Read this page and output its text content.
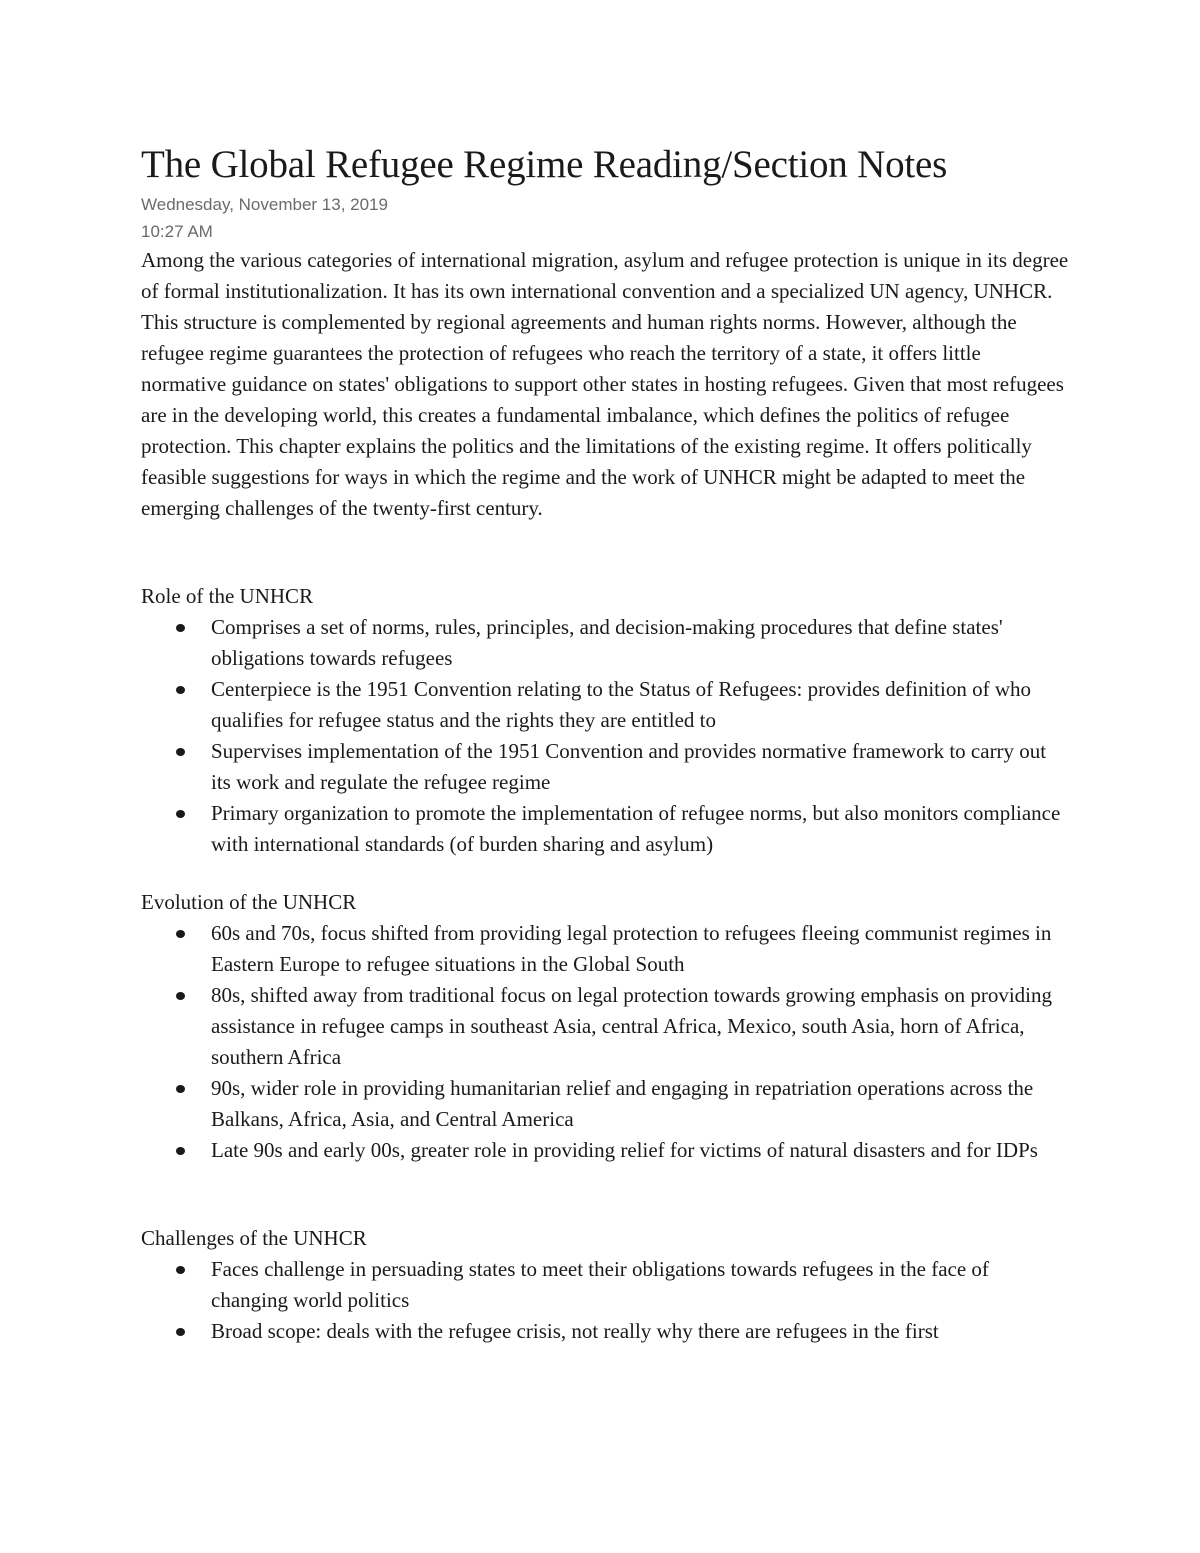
The Global Refugee Regime Reading/Section Notes

Wednesday, November 13, 2019

10:27 AM

Among the various categories of international migration, asylum and refugee protection is unique in its degree of formal institutionalization. It has its own international convention and a specialized UN agency, UNHCR. This structure is complemented by regional agreements and human rights norms. However, although the refugee regime guarantees the protection of refugees who reach the territory of a state, it offers little normative guidance on states' obligations to support other states in hosting refugees. Given that most refugees are in the developing world, this creates a fundamental imbalance, which defines the politics of refugee protection. This chapter explains the politics and the limitations of the existing regime. It offers politically feasible suggestions for ways in which the regime and the work of UNHCR might be adapted to meet the emerging challenges of the twenty-first century.

Role of the UNHCR

Comprises a set of norms, rules, principles, and decision-making procedures that define states' obligations towards refugees
Centerpiece is the 1951 Convention relating to the Status of Refugees: provides definition of who qualifies for refugee status and the rights they are entitled to
Supervises implementation of the 1951 Convention and provides normative framework to carry out its work and regulate the refugee regime
Primary organization to promote the implementation of refugee norms, but also monitors compliance with international standards (of burden sharing and asylum)

Evolution of the UNHCR

60s and 70s, focus shifted from providing legal protection to refugees fleeing communist regimes in Eastern Europe to refugee situations in the Global South
80s, shifted away from traditional focus on legal protection towards growing emphasis on providing assistance in refugee camps in southeast Asia, central Africa, Mexico, south Asia, horn of Africa, southern Africa
90s, wider role in providing humanitarian relief and engaging in repatriation operations across the Balkans, Africa, Asia, and Central America
Late 90s and early 00s, greater role in providing relief for victims of natural disasters and for IDPs

Challenges of the UNHCR

Faces challenge in persuading states to meet their obligations towards refugees in the face of changing world politics
Broad scope: deals with the refugee crisis, not really why there are refugees in the first
